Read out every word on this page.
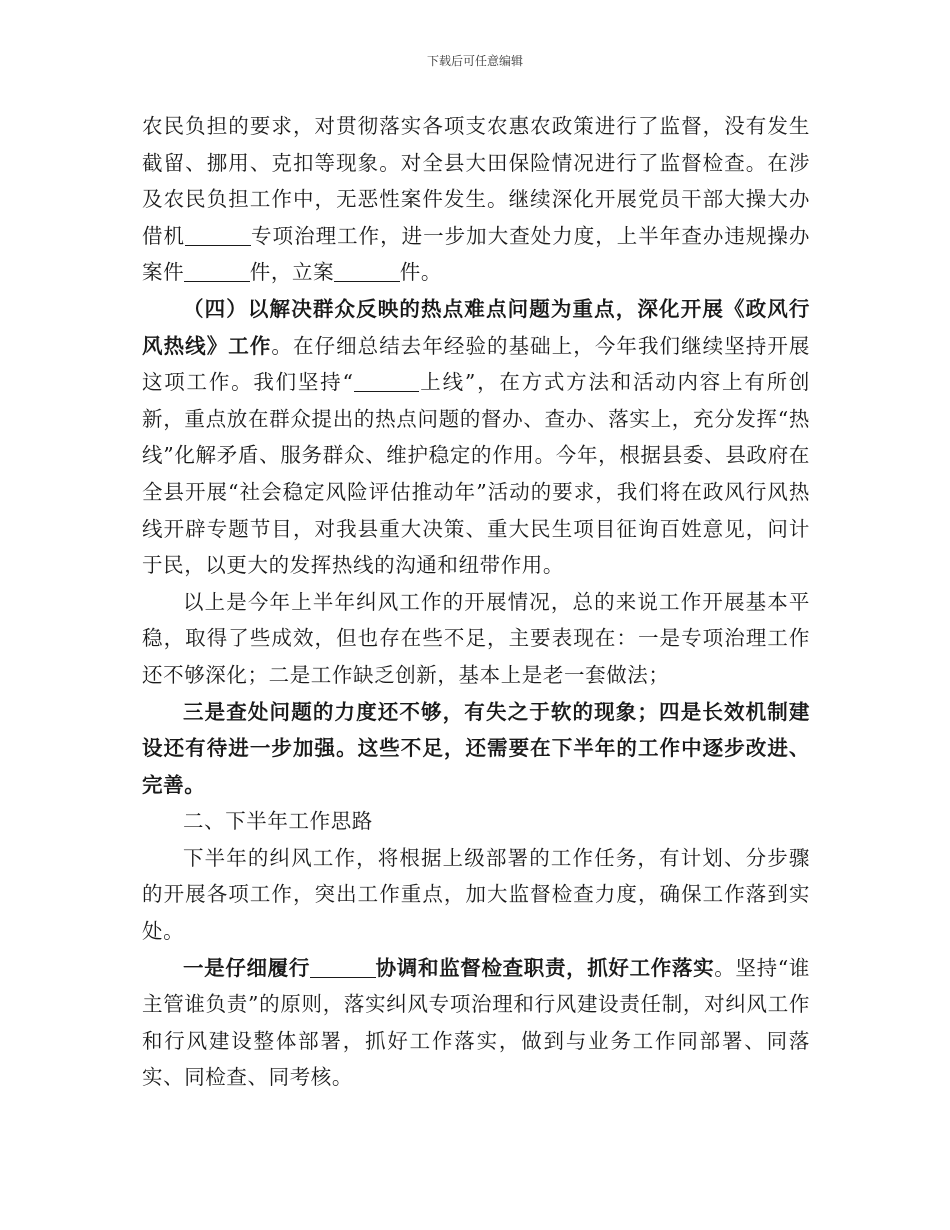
下载后可任意编辑

农民负担的要求，对贯彻落实各项支农惠农政策进行了监督，没有发生截留、挪用、克扣等现象。对全县大田保险情况进行了监督检查。在涉及农民负担工作中，无恶性案件发生。继续深化开展党员干部大操大办借机	专项治理工作，进一步加大查处力度，上半年查办违规操办案件	件，立案	件。

（四）以解决群众反映的热点难点问题为重点，深化开展《政风行风热线》工作。在仔细总结去年经验的基础上，今年我们继续坚持开展这项工作。我们坚持“	上线”，在方式方法和活动内容上有所创新，重点放在群众提出的热点问题的督办、查办、落实上，充分发挥“热线”化解矛盾、服务群众、维护稳定的作用。今年，根据县委、县政府在全县开展“社会稳定风险评估推动年”活动的要求，我们将在政风行风热线开辟专题节目，对我县重大决策、重大民生项目征询百姓意见，问计于民，以更大的发挥热线的沟通和纽带作用。

以上是今年上半年纠风工作的开展情况，总的来说工作开展基本平稳，取得了些成效，但也存在些不足，主要表现在：一是专项治理工作还不够深化；二是工作缺乏创新，基本上是老一套做法；

三是查处问题的力度还不够，有失之于软的现象；四是长效机制建设还有待进一步加强。这些不足，还需要在下半年的工作中逐步改进、完善。

二、下半年工作思路

下半年的纠风工作，将根据上级部署的工作任务，有计划、分步骤的开展各项工作，突出工作重点，加大监督检查力度，确保工作落到实处。

一是仔细履行	协调和监督检查职责，抓好工作落实。坚持“谁主管谁负责”的原则，落实纠风专项治理和行风建设责任制，对纠风工作和行风建设整体部署，抓好工作落实，做到与业务工作同部署、同落实、同检查、同考核。
